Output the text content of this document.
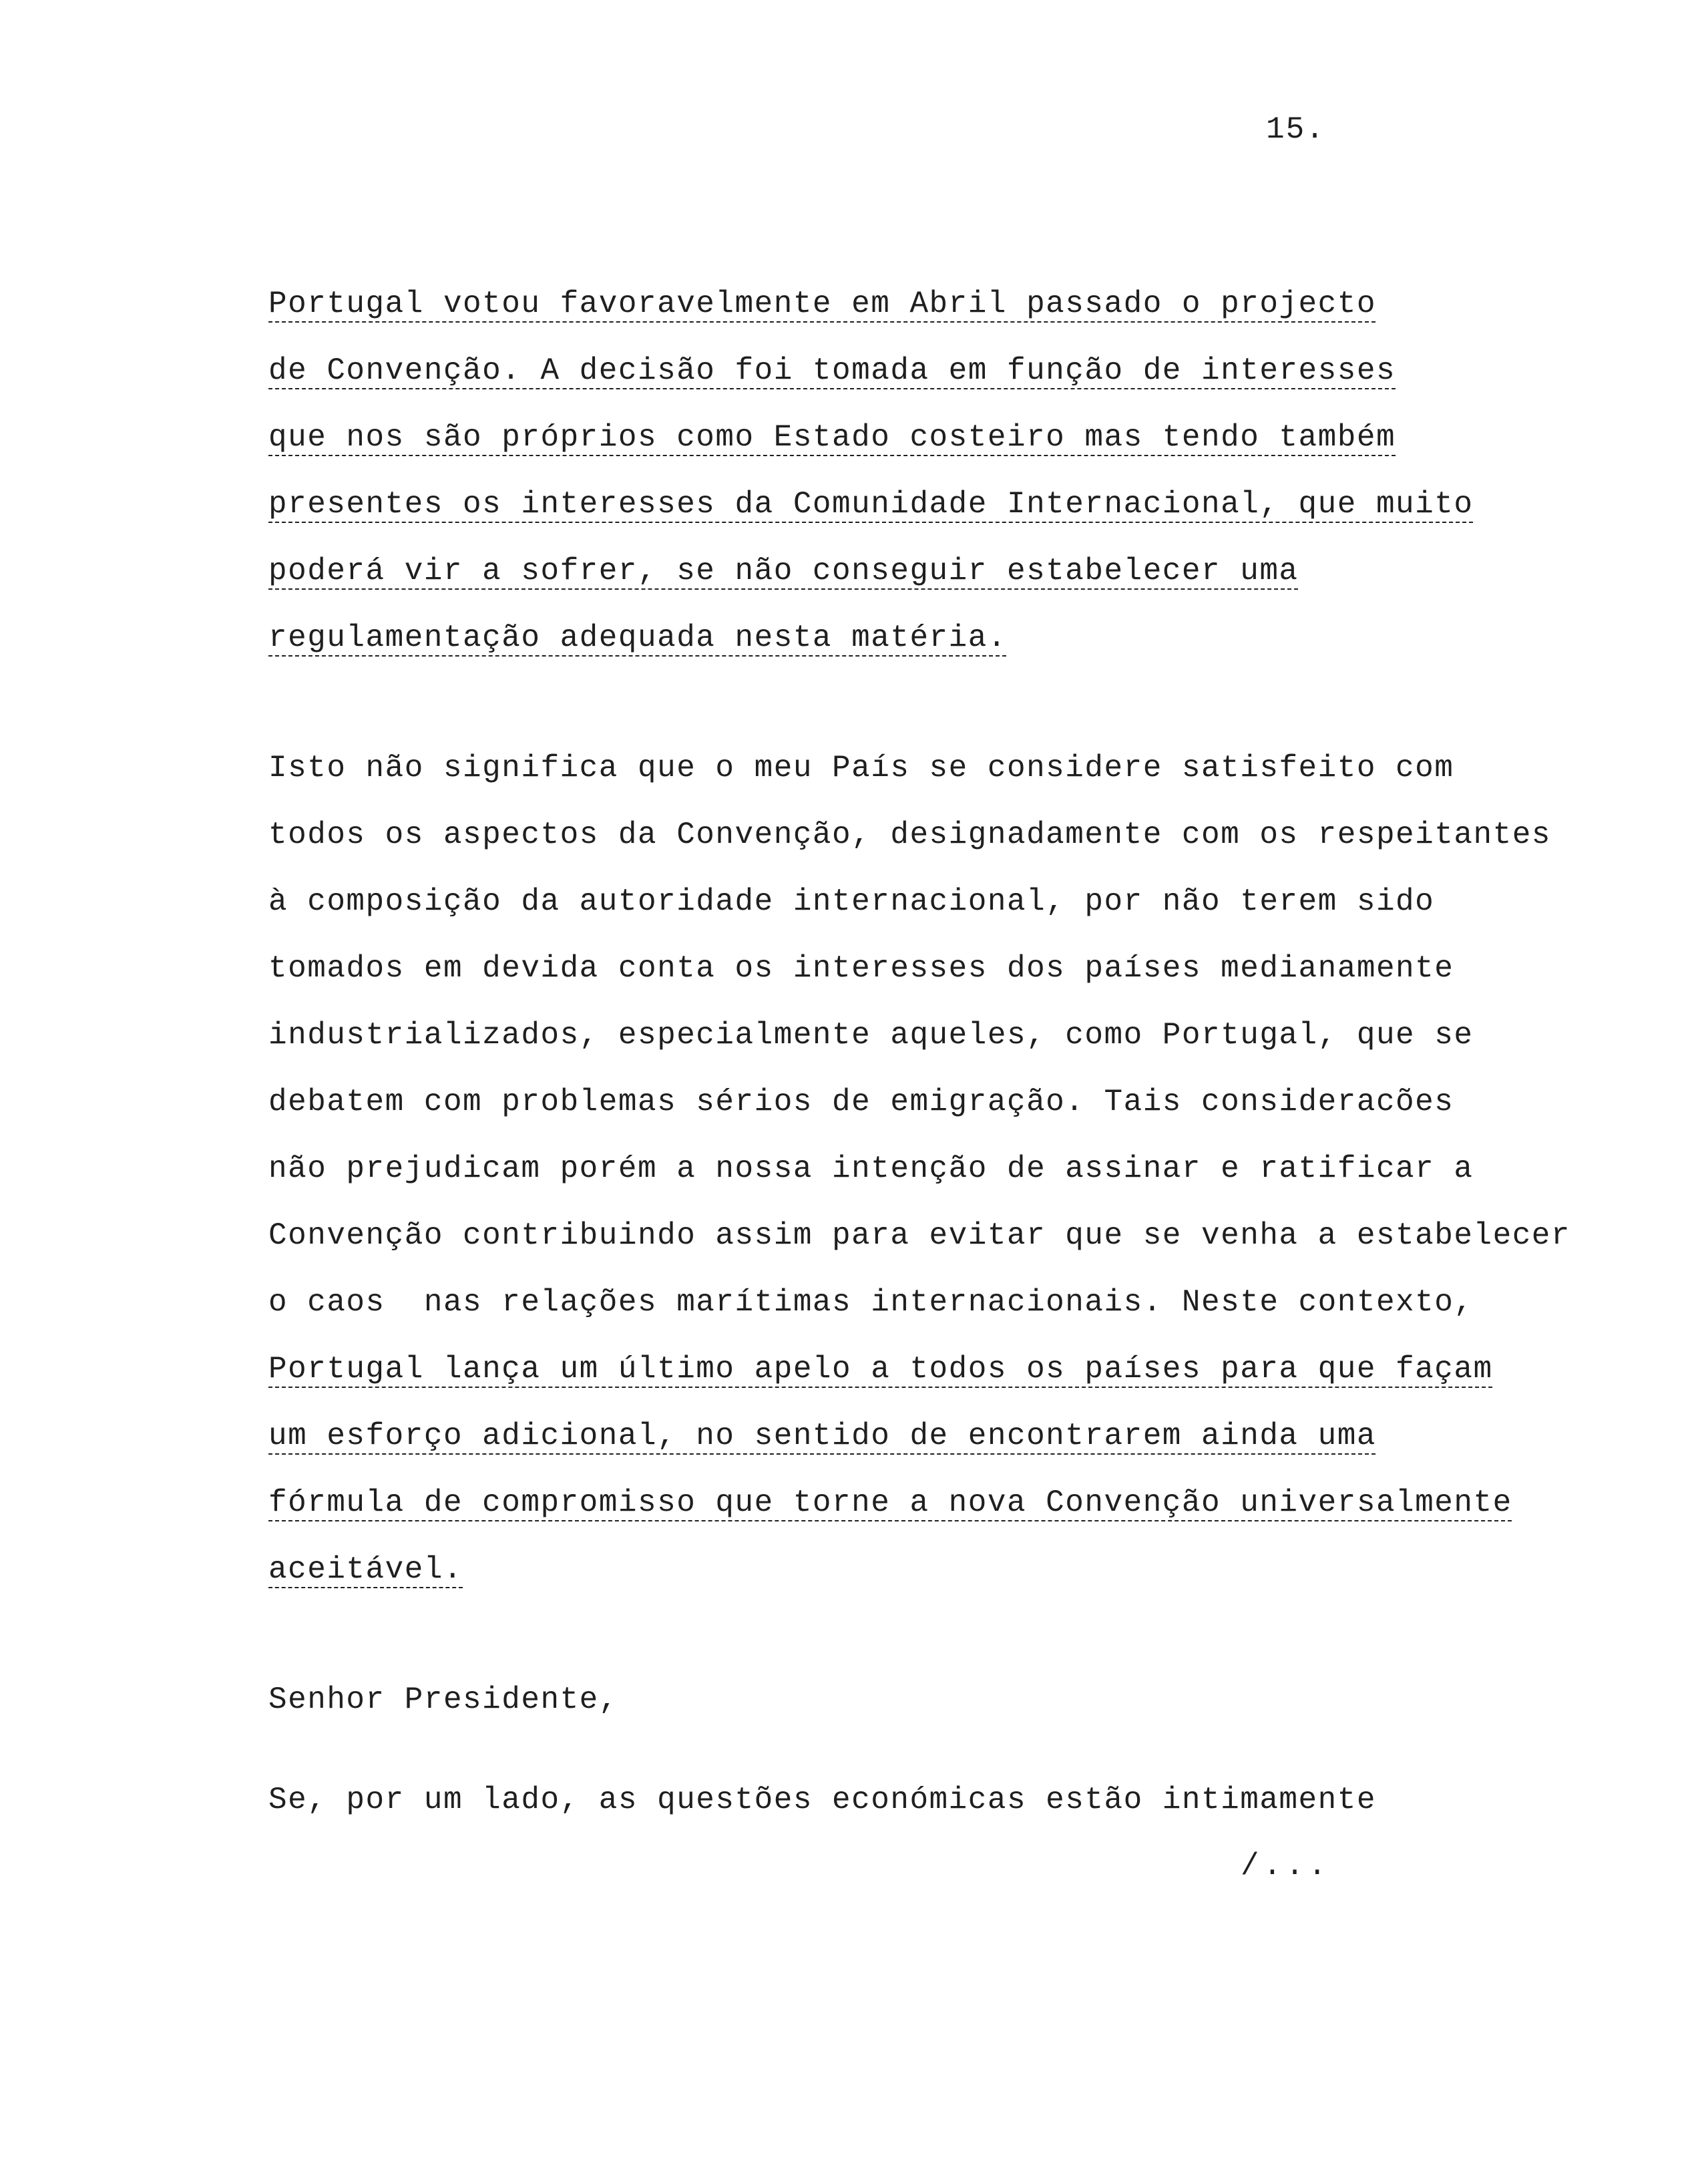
15.
Portugal votou favoravelmente em Abril passado o projecto
de Convenção. A decisão foi tomada em função de interesses
que nos são próprios como Estado costeiro mas tendo também
presentes os interesses da Comunidade Internacional, que muito
poderá vir a sofrer, se não conseguir estabelecer uma
regulamentação adequada nesta matéria.
Isto não significa que o meu País se considere satisfeito com
todos os aspectos da Convenção, designadamente com os respeitantes
à composição da autoridade internacional, por não terem sido
tomados em devida conta os interesses dos países medianamente
industrializados, especialmente aqueles, como Portugal, que se
debatem com problemas sérios de emigração. Tais consideracões
não prejudicam porém a nossa intenção de assinar e ratificar a
Convenção contribuindo assim para evitar que se venha a estabelecer
o caos  nas relações marítimas internacionais. Neste contexto,
Portugal lança um último apelo a todos os países para que façam
um esforço adicional, no sentido de encontrarem ainda uma
fórmula de compromisso que torne a nova Convenção universalmente
aceitável.
Senhor Presidente,
Se, por um lado, as questões económicas estão intimamente
/...
